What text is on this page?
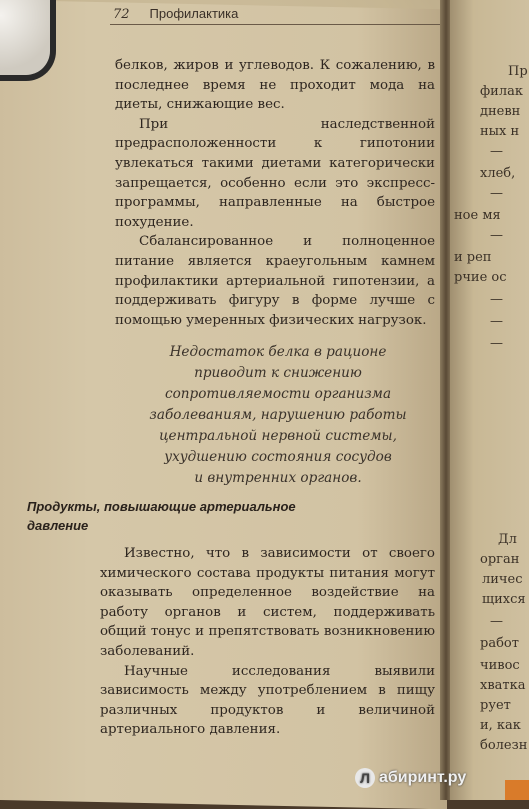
72 Профилактика

белков, жиров и углеводов. К сожалению, в последнее время не проходит мода на диеты, снижающие вес.

При наследственной предрасположенности к гипотонии увлекаться такими диетами категорически запрещается, особенно если это экспресс-программы, направленные на быстрое похудение.

Сбалансированное и полноценное питание является краеугольным камнем профилактики артериальной гипотензии, а поддерживать фигуру в форме лучше с помощью умеренных физических нагрузок.

Недостаток белка в рационе
приводит к снижению
сопротивляемости организма
заболеваниям, нарушению работы
центральной нервной системы,
ухудшению состояния сосудов
и внутренних органов.
Продукты, повышающие артериальное давление

Известно, что в зависимости от своего химического состава продукты питания могут оказывать определенное воздействие на работу органов и систем, поддерживать общий тонус и препятствовать возникновению заболеваний.

Научные исследования выявили зависимость между употреблением в пищу различных продуктов и величиной артериального давления.

Пр
филак
дневн
ных н
—
хлеб,
—
ное мя
—
и реп
рчие ос
—
—
—
Дл
орган
личес
щихся
—
работ
чивос
хватка
рует
и, как
болезн
Л абиринт.ру
